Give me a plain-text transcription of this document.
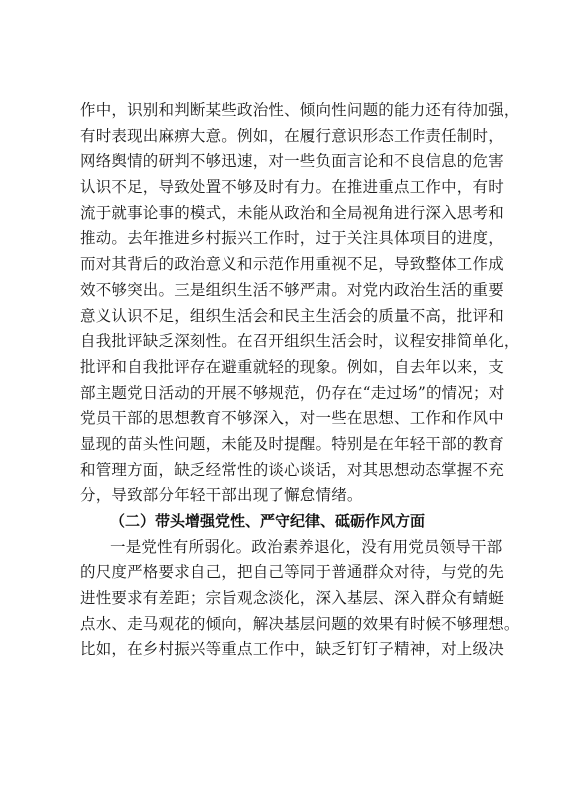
作中，识别和判断某些政治性、倾向性问题的能力还有待加强，
有时表现出麻痹大意。例如，在履行意识形态工作责任制时，
网络舆情的研判不够迅速，对一些负面言论和不良信息的危害
认识不足，导致处置不够及时有力。在推进重点工作中，有时
流于就事论事的模式，未能从政治和全局视角进行深入思考和
推动。去年推进乡村振兴工作时，过于关注具体项目的进度，
而对其背后的政治意义和示范作用重视不足，导致整体工作成
效不够突出。三是组织生活不够严肃。对党内政治生活的重要
意义认识不足，组织生活会和民主生活会的质量不高，批评和
自我批评缺乏深刻性。在召开组织生活会时，议程安排简单化，
批评和自我批评存在避重就轻的现象。例如，自去年以来，支
部主题党日活动的开展不够规范，仍存在“走过场”的情况；对
党员干部的思想教育不够深入，对一些在思想、工作和作风中
显现的苗头性问题，未能及时提醒。特别是在年轻干部的教育
和管理方面，缺乏经常性的谈心谈话，对其思想动态掌握不充
分，导致部分年轻干部出现了懈怠情绪。
（二）带头增强党性、严守纪律、砥砺作风方面
一是党性有所弱化。政治素养退化，没有用党员领导干部
的尺度严格要求自己，把自己等同于普通群众对待，与党的先
进性要求有差距；宗旨观念淡化，深入基层、深入群众有蜻蜓
点水、走马观花的倾向，解决基层问题的效果有时候不够理想。
比如，在乡村振兴等重点工作中，缺乏钉钉子精神，对上级决
